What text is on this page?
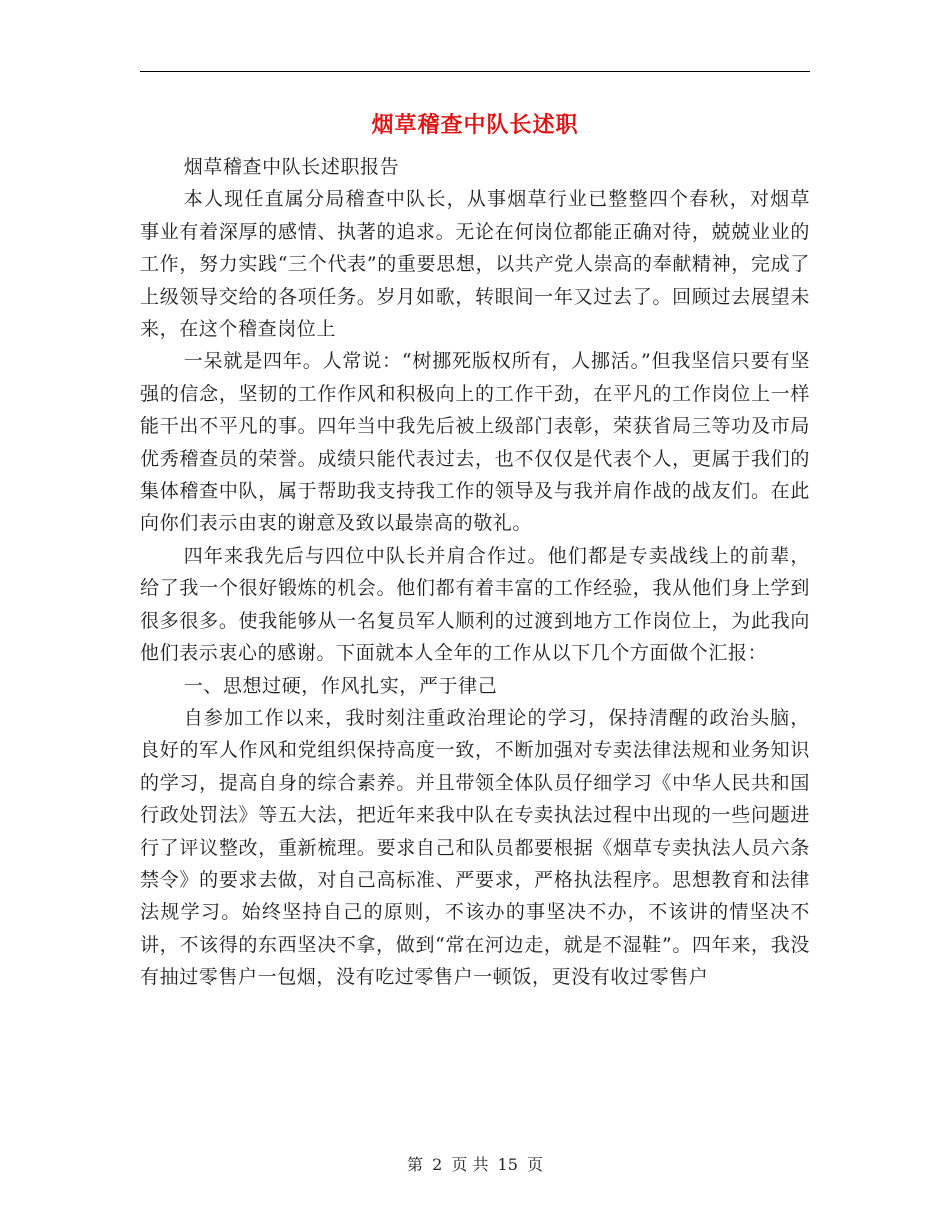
烟草稽查中队长述职

烟草稽查中队长述职报告

本人现任直属分局稽查中队长，从事烟草行业已整整四个春秋，对烟草事业有着深厚的感情、执著的追求。无论在何岗位都能正确对待，兢兢业业的工作，努力实践“三个代表”的重要思想，以共产党人崇高的奉献精神，完成了上级领导交给的各项任务。岁月如歌，转眼间一年又过去了。回顾过去展望未来，在这个稽查岗位上

一呆就是四年。人常说：“树挪死版权所有，人挪活。”但我坚信只要有坚强的信念，坚韧的工作作风和积极向上的工作干劲，在平凡的工作岗位上一样能干出不平凡的事。四年当中我先后被上级部门表彰，荣获省局三等功及市局优秀稽查员的荣誉。成绩只能代表过去，也不仅仅是代表个人，更属于我们的集体稽查中队，属于帮助我支持我工作的领导及与我并肩作战的战友们。在此向你们表示由衷的谢意及致以最崇高的敬礼。

四年来我先后与四位中队长并肩合作过。他们都是专卖战线上的前辈，给了我一个很好锻炼的机会。他们都有着丰富的工作经验，我从他们身上学到很多很多。使我能够从一名复员军人顺利的过渡到地方工作岗位上，为此我向他们表示衷心的感谢。下面就本人全年的工作从以下几个方面做个汇报：

一、思想过硬，作风扎实，严于律己

自参加工作以来，我时刻注重政治理论的学习，保持清醒的政治头脑，良好的军人作风和党组织保持高度一致，不断加强对专卖法律法规和业务知识的学习，提高自身的综合素养。并且带领全体队员仔细学习《中华人民共和国行政处罚法》等五大法，把近年来我中队在专卖执法过程中出现的一些问题进行了评议整改，重新梳理。要求自己和队员都要根据《烟草专卖执法人员六条禁令》的要求去做，对自己高标准、严要求，严格执法程序。思想教育和法律法规学习。始终坚持自己的原则，不该办的事坚决不办，不该讲的情坚决不讲，不该得的东西坚决不拿，做到“常在河边走，就是不湿鞋”。四年来，我没有抽过零售户一包烟，没有吃过零售户一顿饭，更没有收过零售户

第 2 页 共 15 页
